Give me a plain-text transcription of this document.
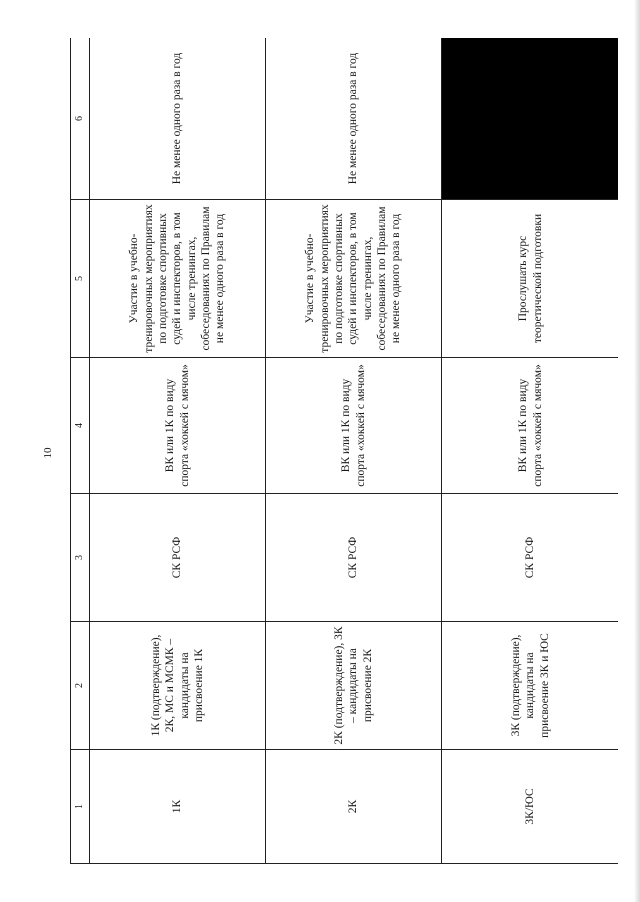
10
1	2	3	4	5	6
1К	1К (подтверждение), 2К, МС и МСМК – кандидаты на присвоение 1К	СК РСФ	ВК или 1К по виду спорта «хоккей с мячом»	Участие в учебно-тренировочных мероприятиях по подготовке спортивных судей и инспекторов, в том числе тренингах, собеседованиях по Правилам не менее одного раза в год	Не менее одного раза в год
2К	2К (подтверждение), 3К – кандидаты на присвоение 2К	СК РСФ	ВК или 1К по виду спорта «хоккей с мячом»	Участие в учебно-тренировочных мероприятиях по подготовке спортивных судей и инспекторов, в том числе тренингах, собеседованиях по Правилам не менее одного раза в год	Не менее одного раза в год
3К/ЮС	3К (подтверждение), кандидаты на присвоение 3К и ЮС	СК РСФ	ВК или 1К по виду спорта «хоккей с мячом»	Прослушать курс теоретической подготовки	
